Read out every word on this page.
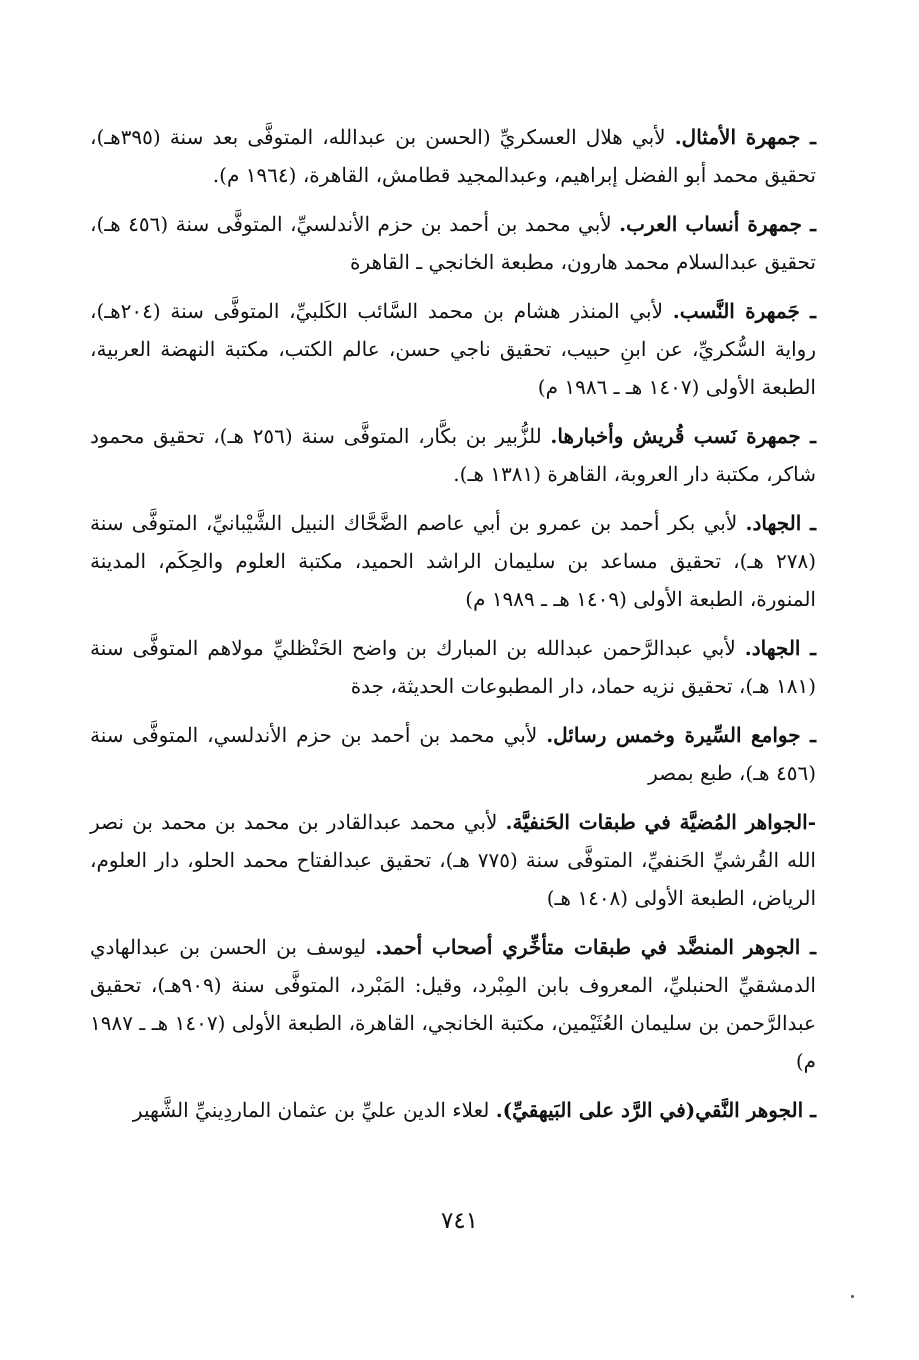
ـ جمهرة الأمثال. لأبي هلال العسكريِّ (الحسن بن عبدالله، المتوفَّى بعد سنة (٣٩٥هـ)، تحقيق محمد أبو الفضل إبراهيم، وعبدالمجيد قطامش، القاهرة، (١٩٦٤ م).

ـ جمهرة أنساب العرب. لأبي محمد بن أحمد بن حزم الأندلسيِّ، المتوفَّى سنة (٤٥٦ هـ)، تحقيق عبدالسلام محمد هارون، مطبعة الخانجي ـ القاهرة

ـ جَمهرة النَّسب. لأبي المنذر هشام بن محمد السَّائب الكَلبيِّ، المتوفَّى سنة (٢٠٤هـ)، رواية السُّكريِّ، عن ابنِ حبيب، تحقيق ناجي حسن، عالم الكتب، مكتبة النهضة العربية، الطبعة الأولى (١٤٠٧ هـ ـ ١٩٨٦ م)

ـ جمهرة نَسب قُريش وأخبارها. للزُّبير بن بكَّار، المتوفَّى سنة (٢٥٦ هـ)، تحقيق محمود شاكر، مكتبة دار العروبة، القاهرة (١٣٨١ هـ).

ـ الجهاد. لأبي بكر أحمد بن عمرو بن أبي عاصم الضَّحَّاك النبيل الشَّيْبانيِّ، المتوفَّى سنة (٢٧٨ هـ)، تحقيق مساعد بن سليمان الراشد الحميد، مكتبة العلوم والحِكَم، المدينة المنورة، الطبعة الأولى (١٤٠٩ هـ ـ ١٩٨٩ م)

ـ الجهاد. لأبي عبدالرَّحمن عبدالله بن المبارك بن واضح الحَنْظليِّ مولاهم المتوفَّى سنة (١٨١ هـ)، تحقيق نزيه حماد، دار المطبوعات الحديثة، جدة

ـ جوامع السِّيرة وخمس رسائل. لأبي محمد بن أحمد بن حزم الأندلسي، المتوفَّى سنة (٤٥٦ هـ)، طبع بمصر

-الجواهر المُضيَّة في طبقات الحَنفيَّة. لأبي محمد عبدالقادر بن محمد بن محمد بن نصر الله القُرشيِّ الحَنفيِّ، المتوفَّى سنة (٧٧٥ هـ)، تحقيق عبدالفتاح محمد الحلو، دار العلوم، الرياض، الطبعة الأولى (١٤٠٨ هـ)

ـ الجوهر المنضَّد في طبقات متأخِّري أصحاب أحمد. ليوسف بن الحسن بن عبدالهادي الدمشقيِّ الحنبليِّ، المعروف بابن المِبْرد، وقيل: المَبْرد، المتوفَّى سنة (٩٠٩هـ)، تحقيق عبدالرَّحمن بن سليمان العُثَيْمين، مكتبة الخانجي، القاهرة، الطبعة الأولى (١٤٠٧ هـ ـ ١٩٨٧ م)

ـ الجوهر النَّقي(في الرَّد على البَيهقيِّ). لعلاء الدين عليِّ بن عثمان الماردِينيِّ الشَّهير

٧٤١
